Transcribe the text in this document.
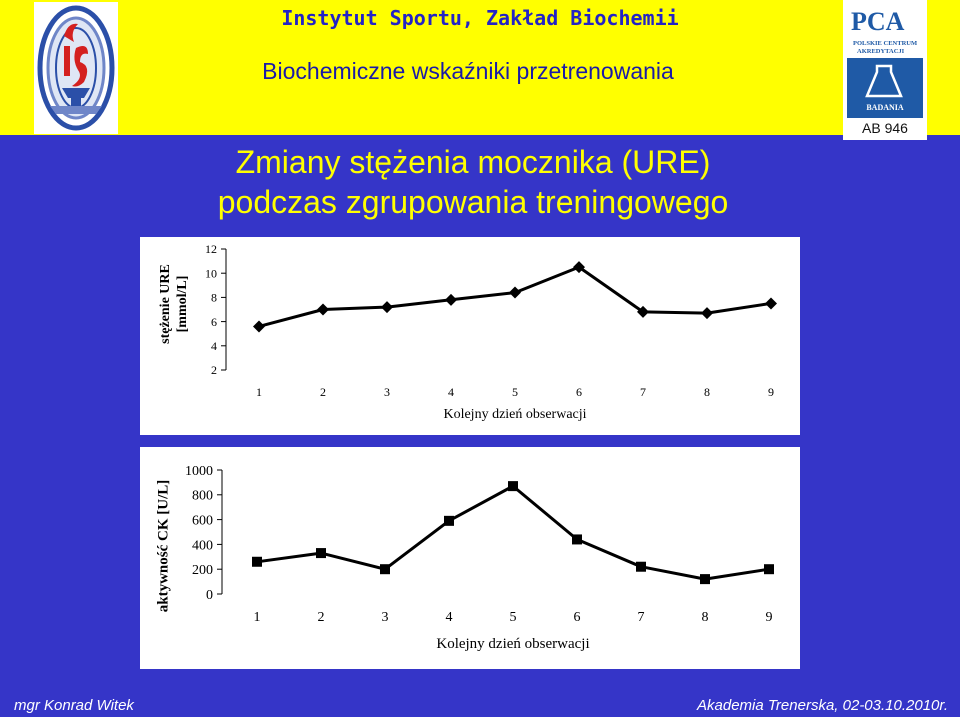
Instytut Sportu, Zakład Biochemii
Biochemiczne wskaźniki przetrenowania
PCA
POLSKIE CENTRUM
AKREDYTACJI
BADANIA
AB 946
Zmiany stężenia mocznika (URE)
podczas zgrupowania treningowego
stężenie URE [mmol/L]
aktywność CK [U/L]
2
4
6
8
10
12
1	2	3	4	5	6	7	8	9
Kolejny dzień obserwacji
0
200
400
600
800
1000
1	2	3	4	5	6	7	8	9
Kolejny dzień obserwacji
mgr Konrad Witek	Akademia Trenerska, 02-03.10.2010r.
